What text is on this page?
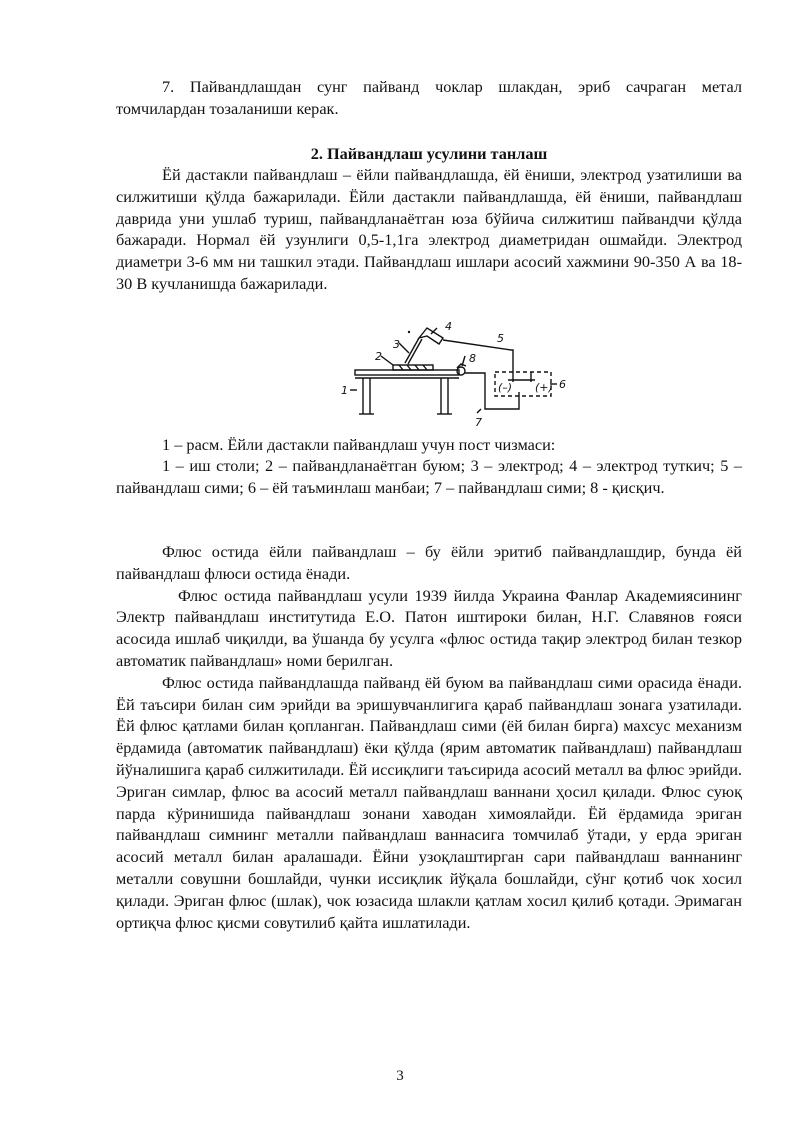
7. Пайвандлашдан сунг пайванд чоклар шлакдан, эриб сачраган метал томчилардан тозаланиши керак.

2. Пайвандлаш усулини танлаш

Ёй дастакли пайвандлаш – ёйли пайвандлашда, ёй ёниши, электрод узатилиши ва силжитиши қўлда бажарилади. Ёйли дастакли пайвандлашда, ёй ёниши, пайвандлаш даврида уни ушлаб туриш, пайвандланаётган юза бўйича силжитиш пайвандчи қўлда бажаради. Нормал ёй узунлиги 0,5-1,1га электрод диаметридан ошмайди. Электрод диаметри 3-6 мм ни ташкил этади. Пайвандлаш ишлари асосий хажмини 90-350 А ва 18-30 В кучланишда бажарилади.

1
2
3
4
5
6
7
8
(–) (+)

1 – расм. Ёйли дастакли пайвандлаш учун пост чизмаси:

1 – иш столи; 2 – пайвандланаётган буюм; 3 – электрод; 4 – электрод туткич; 5 – пайвандлаш сими; 6 – ёй таъминлаш манбаи; 7 – пайвандлаш сими; 8 - қисқич.

Флюс остида ёйли пайвандлаш – бу ёйли эритиб пайвандлашдир, бунда ёй пайвандлаш флюси остида ёнади.

Флюс остида пайвандлаш усули 1939 йилда Украина Фанлар Академиясининг Электр пайвандлаш институтида Е.О. Патон иштироки билан, Н.Г. Славянов ғояси асосида ишлаб чиқилди, ва ўшанда бу усулга «флюс остида тақир электрод билан тезкор автоматик пайвандлаш» номи берилган.

Флюс остида пайвандлашда пайванд ёй буюм ва пайвандлаш сими орасида ёнади. Ёй таъсири билан сим эрийди ва эришувчанлигига қараб пайвандлаш зонага узатилади. Ёй флюс қатлами билан қопланган. Пайвандлаш сими (ёй билан бирга) махсус механизм ёрдамида (автоматик пайвандлаш) ёки қўлда (ярим автоматик пайвандлаш) пайвандлаш йўналишига қараб силжитилади. Ёй иссиқлиги таъсирида асосий металл ва флюс эрийди. Эриган симлар, флюс ва асосий металл пайвандлаш ваннани ҳосил қилади. Флюс суюқ парда кўринишида пайвандлаш зонани хаводан химоялайди. Ёй ёрдамида эриган пайвандлаш симнинг металли пайвандлаш ваннасига томчилаб ўтади, у ерда эриган асосий металл билан аралашади. Ёйни узоқлаштирган сари пайвандлаш ваннанинг металли совушни бошлайди, чунки иссиқлик йўқала бошлайди, сўнг қотиб чок хосил қилади. Эриган флюс (шлак), чок юзасида шлакли қатлам хосил қилиб қотади. Эримаган ортиқча флюс қисми совутилиб қайта ишлатилади.

3
